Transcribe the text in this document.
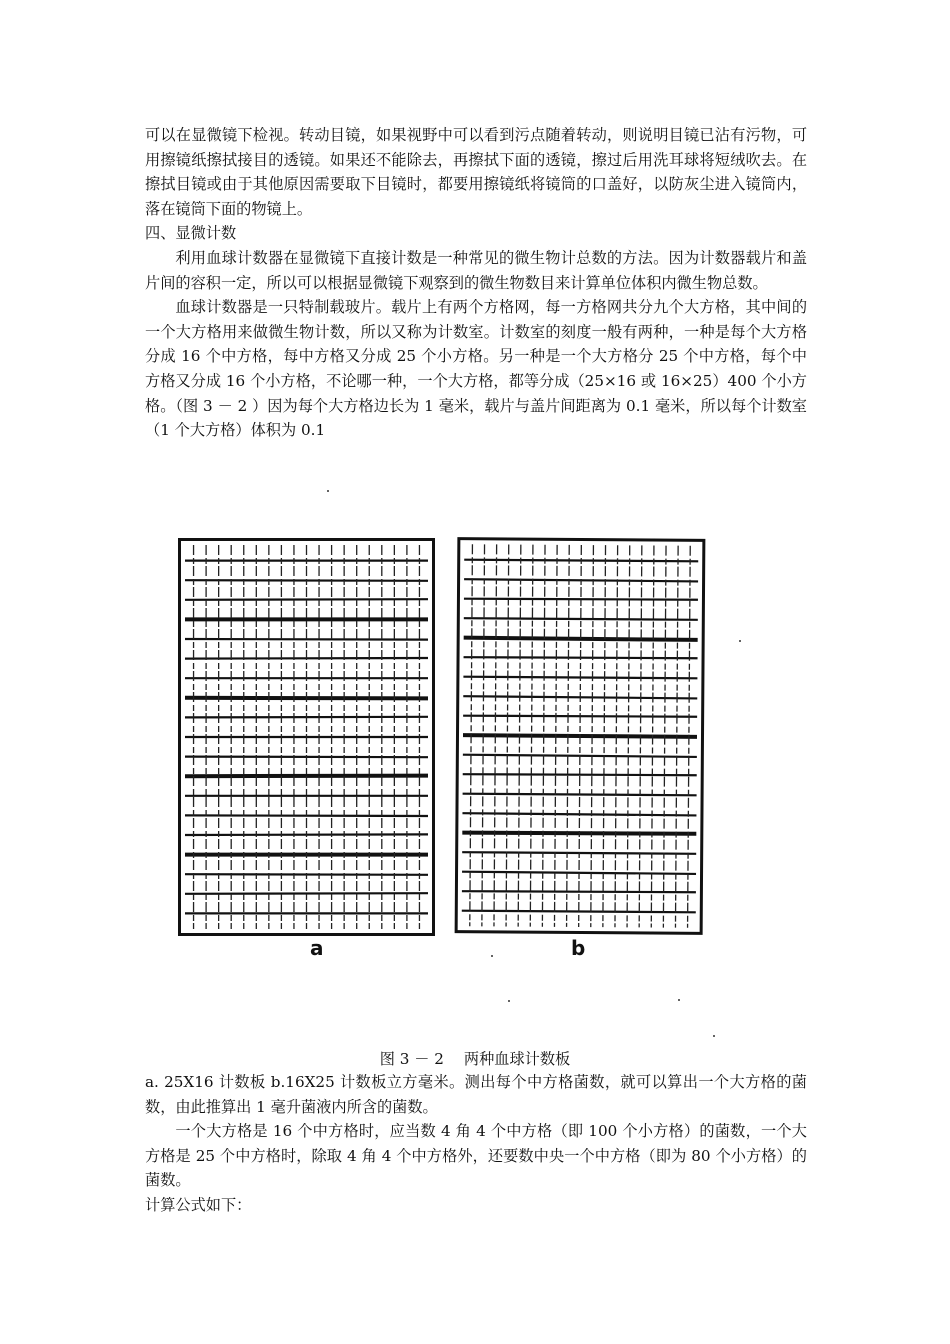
可以在显微镜下检视。转动目镜，如果视野中可以看到污点随着转动，则说明目镜已沾有污物，可用擦镜纸擦拭接目的透镜。如果还不能除去，再擦拭下面的透镜，擦过后用洗耳球将短绒吹去。在擦拭目镜或由于其他原因需要取下目镜时，都要用擦镜纸将镜筒的口盖好，以防灰尘进入镜筒内，落在镜筒下面的物镜上。

四、显微计数

利用血球计数器在显微镜下直接计数是一种常见的微生物计总数的方法。因为计数器载片和盖片间的容积一定，所以可以根据显微镜下观察到的微生物数目来计算单位体积内微生物总数。

血球计数器是一只特制载玻片。载片上有两个方格网，每一方格网共分九个大方格，其中间的一个大方格用来做微生物计数，所以又称为计数室。计数室的刻度一般有两种，一种是每个大方格分成 16 个中方格，每中方格又分成 25 个小方格。另一种是一个大方格分 25 个中方格，每个中方格又分成 16 个小方格，不论哪一种，一个大方格，都等分成（25×16 或 16×25）400 个小方格。（图 3 － 2 ）因为每个大方格边长为 1 毫米，载片与盖片间距离为 0.1 毫米，所以每个计数室（1 个大方格）体积为 0.1

a	b
图 3 － 2　 两种血球计数板

a. 25X16 计数板 b.16X25 计数板立方毫米。测出每个中方格菌数，就可以算出一个大方格的菌数，由此推算出 1 毫升菌液内所含的菌数。

一个大方格是 16 个中方格时，应当数 4 角 4 个中方格（即 100 个小方格）的菌数，一个大方格是 25 个中方格时，除取 4 角 4 个中方格外，还要数中央一个中方格（即为 80 个小方格）的菌数。

计算公式如下：
